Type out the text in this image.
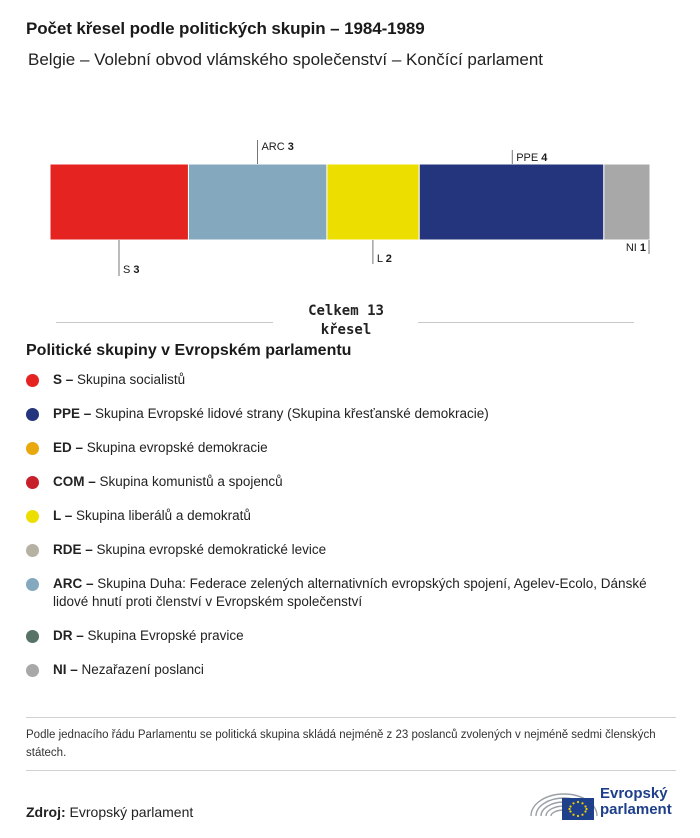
Počet křesel podle politických skupin – 1984-1989
Belgie – Volební obvod vlámského společenství – Končící parlament
S 3
ARC 3
L 2
PPE 4
NI 1
Celkem 13
křesel
Politické skupiny v Evropském parlamentu
S – Skupina socialistů
PPE – Skupina Evropské lidové strany (Skupina křesťanské demokracie)
ED – Skupina evropské demokracie
COM – Skupina komunistů a spojenců
L – Skupina liberálů a demokratů
RDE – Skupina evropské demokratické levice
ARC – Skupina Duha: Federace zelených alternativních evropských spojení, Agelev-Ecolo, Dánské lidové hnutí proti členství v Evropském společenství
DR – Skupina Evropské pravice
NI – Nezařazení poslanci
Podle jednacího řádu Parlamentu se politická skupina skládá nejméně z 23 poslanců zvolených v nejméně sedmi členských státech.
Zdroj: Evropský parlament
Evropský
parlament
